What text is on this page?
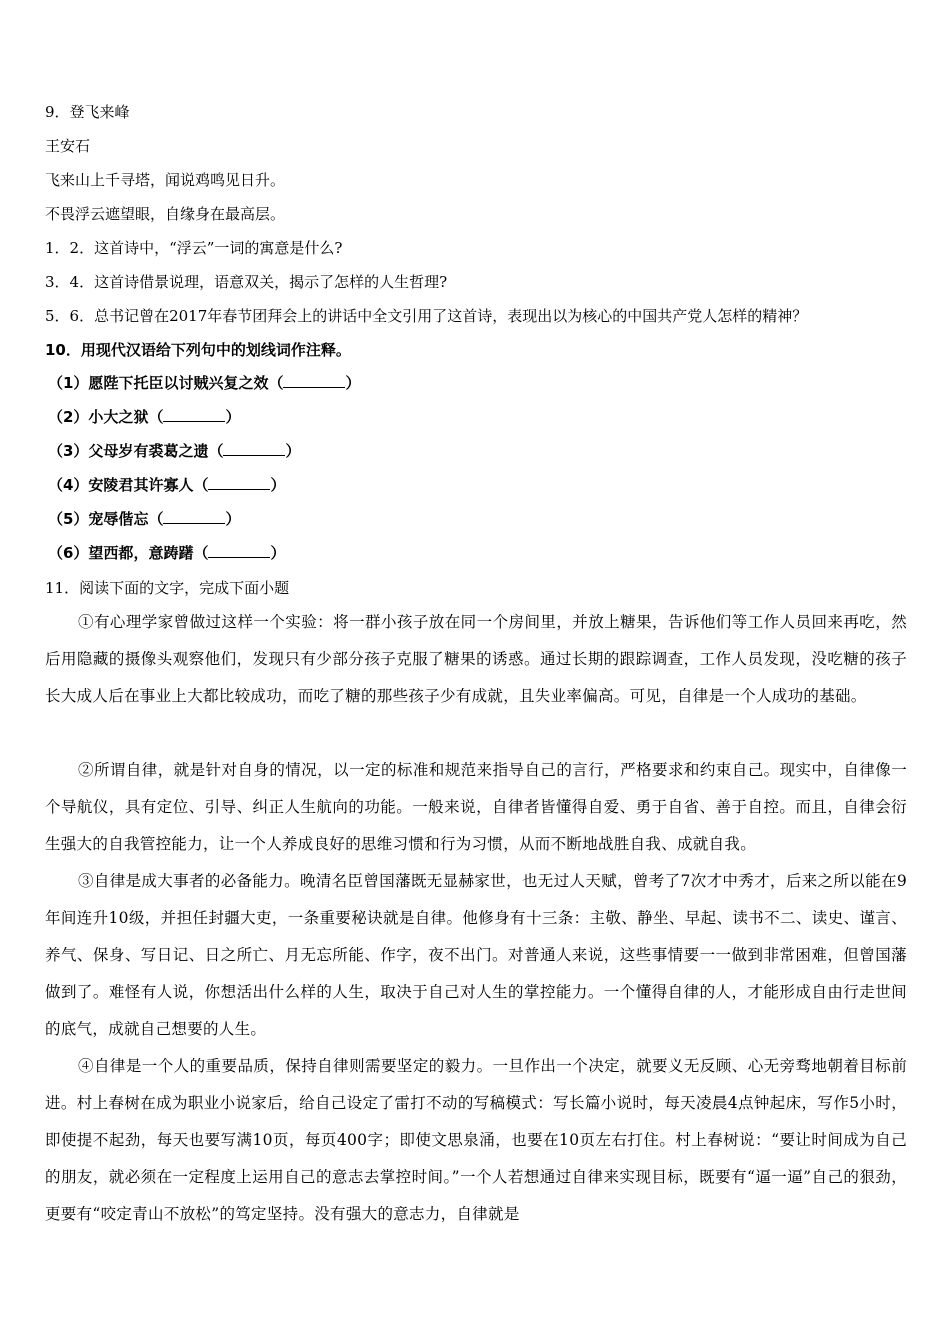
9．登飞来峰
王安石
飞来山上千寻塔，闻说鸡鸣见日升。
不畏浮云遮望眼，自缘身在最高层。
1．2．这首诗中，“浮云”一词的寓意是什么?
3．4．这首诗借景说理，语意双关，揭示了怎样的人生哲理?
5．6．总书记曾在2017年春节团拜会上的讲话中全文引用了这首诗，表现出以为核心的中国共产党人怎样的精神？
10．用现代汉语给下列句中的划线词作注释。
（1）愿陛下托臣以讨贼兴复之效（	）
（2）小大之狱（	）
（3）父母岁有裘葛之遗（	）
（4）安陵君其许寡人（	）
（5）宠辱偕忘（	）
（6）望西都，意踌躇（	）
11．阅读下面的文字，完成下面小题
①有心理学家曾做过这样一个实验：将一群小孩子放在同一个房间里，并放上糖果，告诉他们等工作人员回来再吃，然后用隐藏的摄像头观察他们，发现只有少部分孩子克服了糖果的诱惑。通过长期的跟踪调查，工作人员发现，没吃糖的孩子长大成人后在事业上大都比较成功，而吃了糖的那些孩子少有成就，且失业率偏高。可见，自律是一个人成功的基础。
②所谓自律，就是针对自身的情况，以一定的标准和规范来指导自己的言行，严格要求和约束自己。现实中，自律像一个导航仪，具有定位、引导、纠正人生航向的功能。一般来说，自律者皆懂得自爱、勇于自省、善于自控。而且，自律会衍生强大的自我管控能力，让一个人养成良好的思维习惯和行为习惯，从而不断地战胜自我、成就自我。
③自律是成大事者的必备能力。晚清名臣曾国藩既无显赫家世，也无过人天赋，曾考了7次才中秀才，后来之所以能在9年间连升10级，并担任封疆大吏，一条重要秘诀就是自律。他修身有十三条：主敬、静坐、早起、读书不二、读史、谨言、养气、保身、写日记、日之所亡、月无忘所能、作字，夜不出门。对普通人来说，这些事情要一一做到非常困难，但曾国藩做到了。难怪有人说，你想活出什么样的人生，取决于自己对人生的掌控能力。一个懂得自律的人，才能形成自由行走世间的底气，成就自己想要的人生。
④自律是一个人的重要品质，保持自律则需要坚定的毅力。一旦作出一个决定，就要义无反顾、心无旁骛地朝着目标前进。村上春树在成为职业小说家后，给自己设定了雷打不动的写稿模式：写长篇小说时，每天凌晨4点钟起床，写作5小时，即使提不起劲，每天也要写满10页，每页400字；即使文思泉涌，也要在10页左右打住。村上春树说：“要让时间成为自己的朋友，就必须在一定程度上运用自己的意志去掌控时间。”一个人若想通过自律来实现目标，既要有“逼一逼”自己的狠劲，更要有“咬定青山不放松”的笃定坚持。没有强大的意志力，自律就是
